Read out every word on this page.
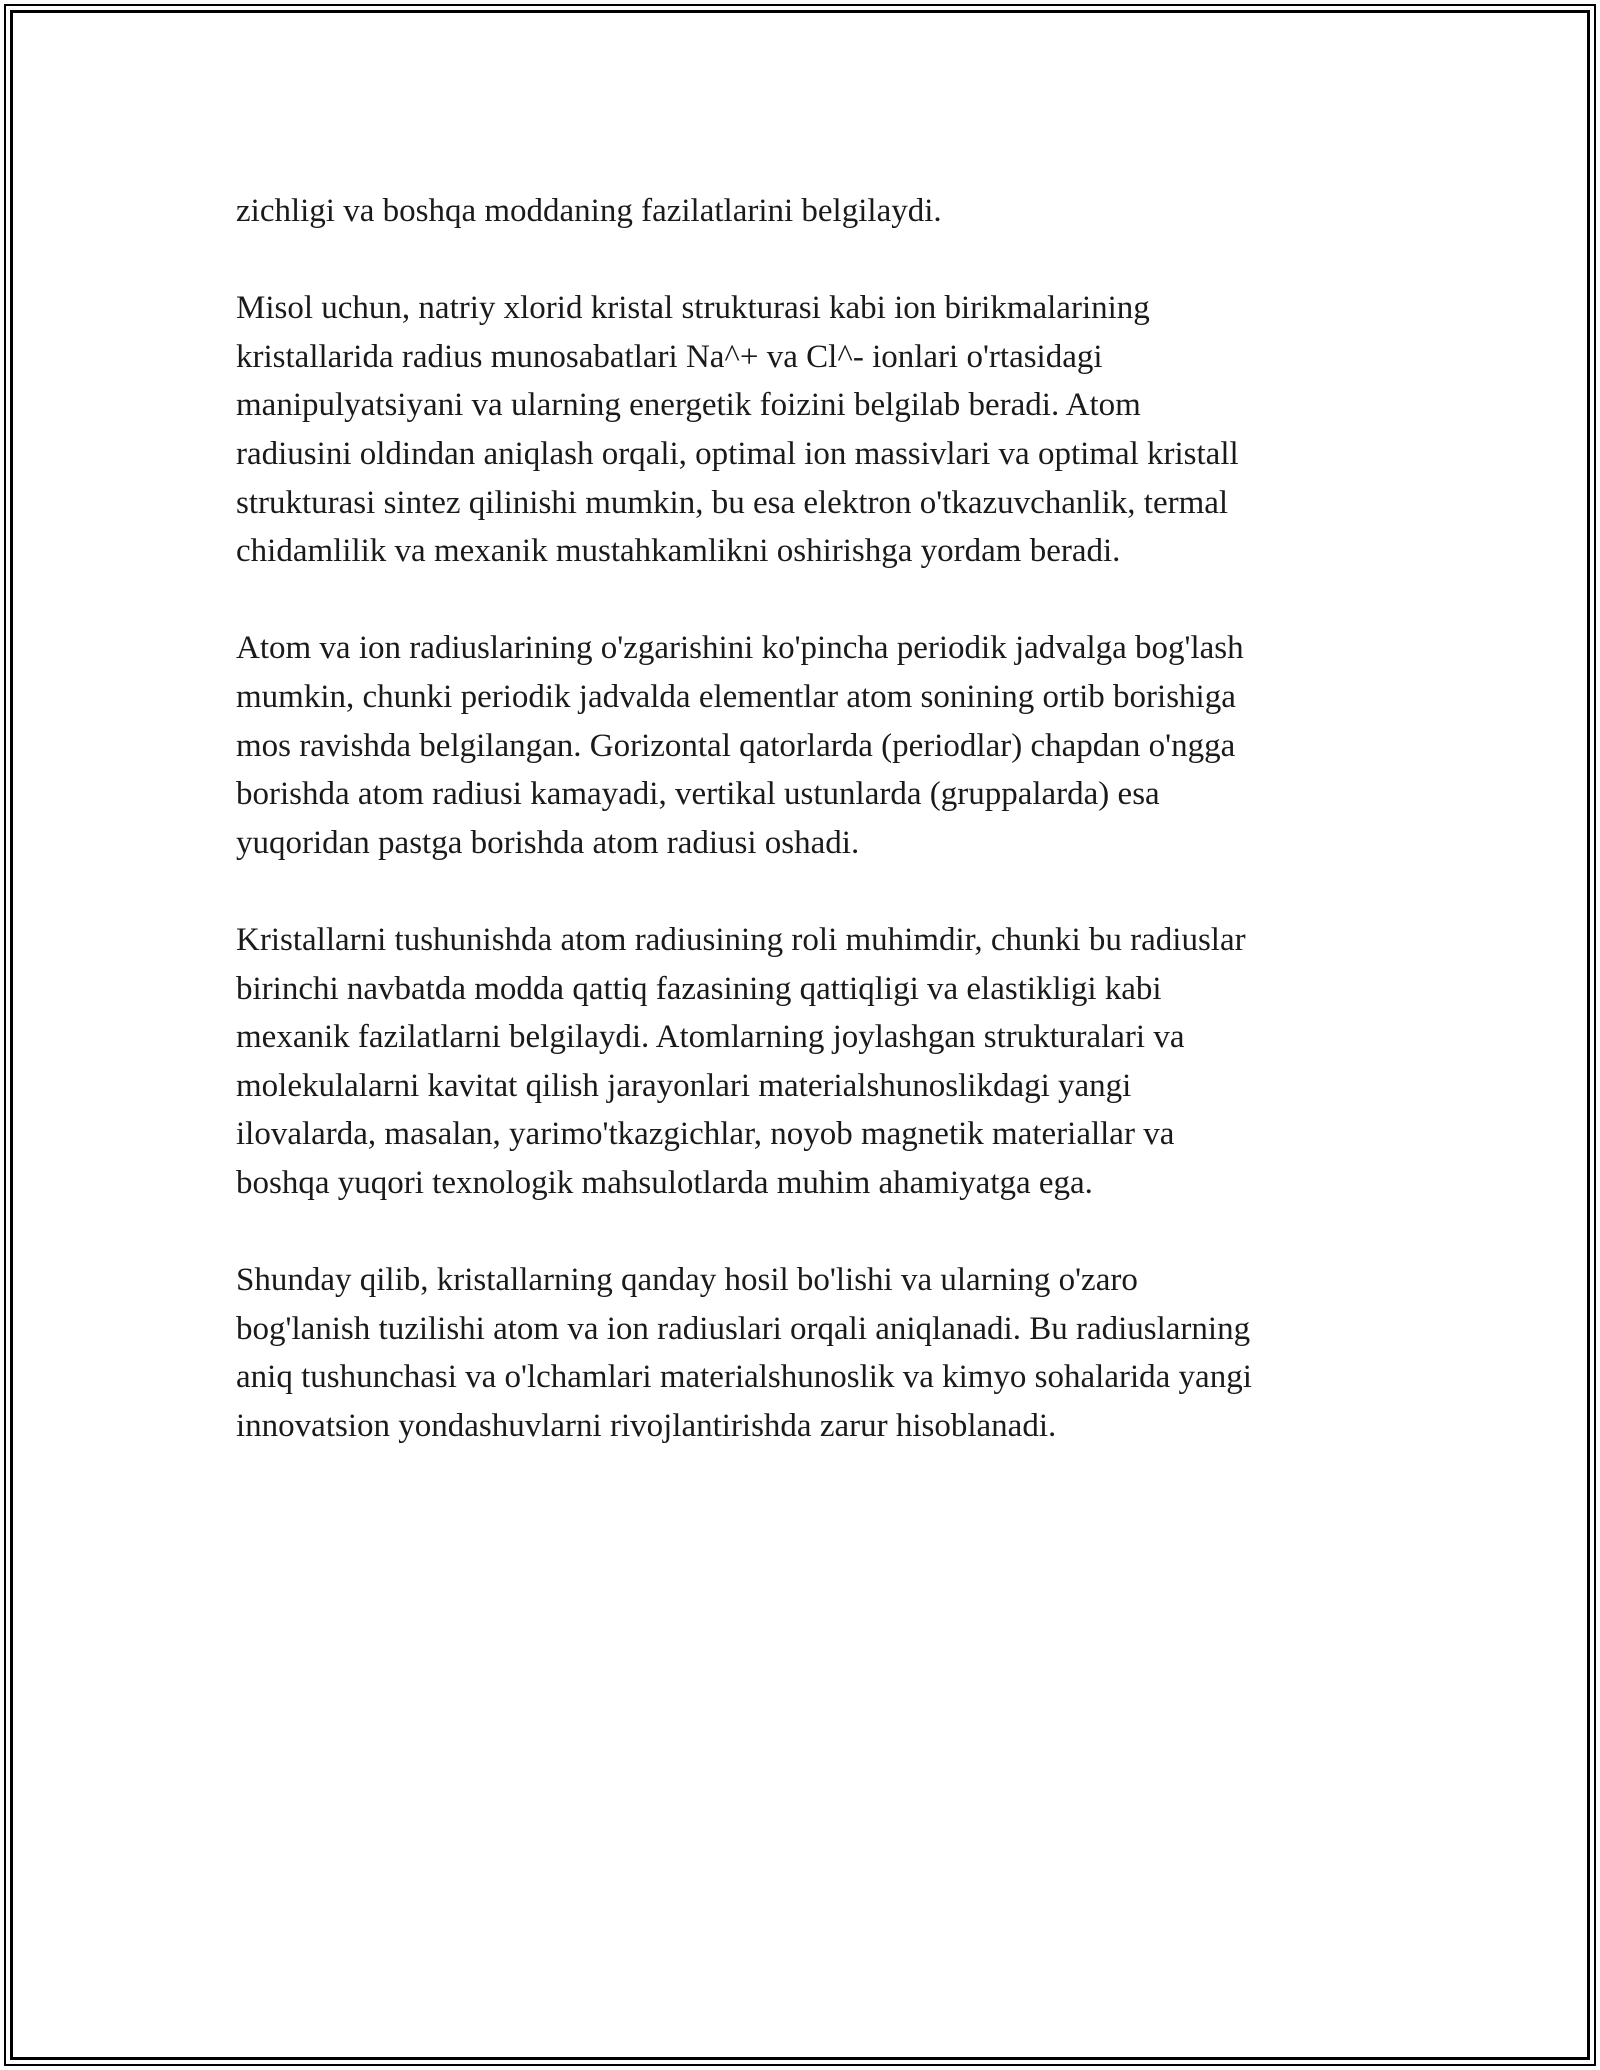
zichligi va boshqa moddaning fazilatlarini belgilaydi.

Misol uchun, natriy xlorid kristal strukturasi kabi ion birikmalarining
kristallarida radius munosabatlari Na^+ va Cl^- ionlari o'rtasidagi
manipulyatsiyani va ularning energetik foizini belgilab beradi. Atom
radiusini oldindan aniqlash orqali, optimal ion massivlari va optimal kristall
strukturasi sintez qilinishi mumkin, bu esa elektron o'tkazuvchanlik, termal
chidamlilik va mexanik mustahkamlikni oshirishga yordam beradi.

Atom va ion radiuslarining o'zgarishini ko'pincha periodik jadvalga bog'lash
mumkin, chunki periodik jadvalda elementlar atom sonining ortib borishiga
mos ravishda belgilangan. Gorizontal qatorlarda (periodlar) chapdan o'ngga
borishda atom radiusi kamayadi, vertikal ustunlarda (gruppalarda) esa
yuqoridan pastga borishda atom radiusi oshadi.

Kristallarni tushunishda atom radiusining roli muhimdir, chunki bu radiuslar
birinchi navbatda modda qattiq fazasining qattiqligi va elastikligi kabi
mexanik fazilatlarni belgilaydi. Atomlarning joylashgan strukturalari va
molekulalarni kavitat qilish jarayonlari materialshunoslikdagi yangi
ilovalarda, masalan, yarimo'tkazgichlar, noyob magnetik materiallar va
boshqa yuqori texnologik mahsulotlarda muhim ahamiyatga ega.

Shunday qilib, kristallarning qanday hosil bo'lishi va ularning o'zaro
bog'lanish tuzilishi atom va ion radiuslari orqali aniqlanadi. Bu radiuslarning
aniq tushunchasi va o'lchamlari materialshunoslik va kimyo sohalarida yangi
innovatsion yondashuvlarni rivojlantirishda zarur hisoblanadi.
